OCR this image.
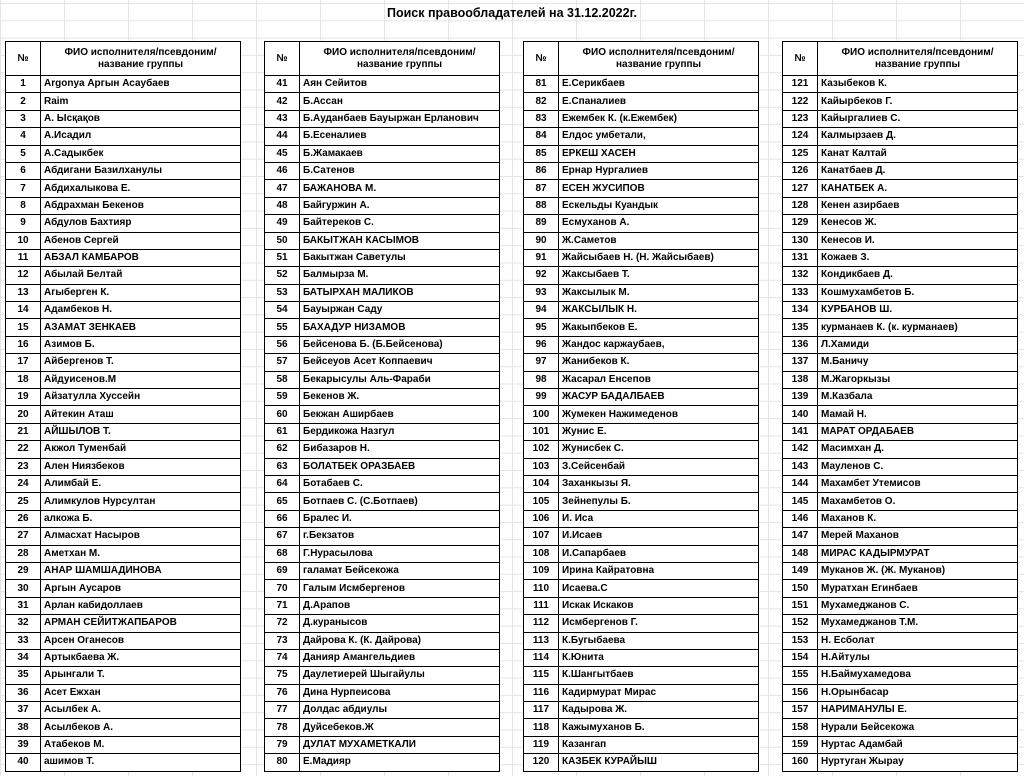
Поиск правообладателей на 31.12.2022г.
№	ФИО исполнителя/псевдоним/название группы
1	Argonya Аргын Асаубаев
2	Raim
3	А. Ысқақов
4	А.Исадил
5	А.Садыкбек
6	Абдигани Базилханулы
7	Абдихалыкова Е.
8	Абдрахман Бекенов
9	Абдулов Бахтияр
10	Абенов Сергей
11	АБЗАЛ КАМБАРОВ
12	Абылай Белтай
13	Агыберген К.
14	Адамбеков Н.
15	АЗАМАТ ЗЕНКАЕВ
16	Азимов Б.
17	Айбергенов Т.
18	Айдуисенов.М
19	Айзатулла Хуссейн
20	Айтекин Аташ
21	АЙШЫЛОВ Т.
22	Акжол Туменбай
23	Ален Ниязбеков
24	Алимбай Е.
25	Алимкулов Нурсултан
26	алкожа Б.
27	Алмасхат Насыров
28	Аметхан М.
29	АНАР ШАМШАДИНОВА
30	Аргын Аусаров
31	Арлан кабидоллаев
32	АРМАН СЕЙИТЖАПБАРОВ
33	Арсен Оганесов
34	Артыкбаева Ж.
35	Арынгали Т.
36	Асет Ежхан
37	Асылбек А.
38	Асылбеков А.
39	Атабеков М.
40	ашимов Т.
№	ФИО исполнителя/псевдоним/название группы
41	Аян Сейитов
42	Б.Ассан
43	Б.Ауданбаев Бауыржан Ерланович
44	Б.Есеналиев
45	Б.Жамакаев
46	Б.Сатенов
47	БАЖАНОВА М.
48	Байгуржин А.
49	Байтереков С.
50	БАКЫТЖАН КАСЫМОВ
51	Бакытжан Саветулы
52	Балмырза М.
53	БАТЫРХАН МАЛИКОВ
54	Бауыржан Саду
55	БАХАДУР НИЗАМОВ
56	Бейсенова Б. (Б.Бейсенова)
57	Бейсеуов Асет Коппаевич
58	Бекарысулы Аль-Фараби
59	Бекенов Ж.
60	Бекжан Аширбаев
61	Бердикожа Назгул
62	Бибазаров Н.
63	БОЛАТБЕК ОРАЗБАЕВ
64	Ботабаев С.
65	Ботпаев С. (С.Ботпаев)
66	Бралес И.
67	г.Бекзатов
68	Г.Нурасылова
69	галамат Бейсекожа
70	Галым Исмбергенов
71	Д.Арапов
72	Д.куранысов
73	Дайрова К. (К. Дайрова)
74	Данияр Амангельдиев
75	Даулетиерей Шыгайулы
76	Дина Нурпеисова
77	Долдас абдиулы
78	Дуйсебеков.Ж
79	ДУЛАТ МУХАМЕТКАЛИ
80	Е.Мадияр
№	ФИО исполнителя/псевдоним/название группы
81	Е.Серикбаев
82	Е.Спаналиев
83	Ежембек К. (к.Ежембек)
84	Елдос умбетали,
85	ЕРКЕШ ХАСЕН
86	Ернар Нургалиев
87	ЕСЕН ЖУСИПОВ
88	Ескельды Куандык
89	Есмуханов А.
90	Ж.Саметов
91	Жайсыбаев Н. (Н. Жайсыбаев)
92	Жаксыбаев Т.
93	Жаксылык М.
94	ЖАКСЫЛЫК Н.
95	Жакыпбеков Е.
96	Жандос каржаубаев,
97	Жанибеков К.
98	Жасарал Енсепов
99	ЖАСУР БАДАЛБАЕВ
100	Жумекен Нажимеденов
101	Жунис Е.
102	Жунисбек С.
103	З.Сейсенбай
104	Заханкызы Я.
105	Зейнепулы Б.
106	И. Иса
107	И.Исаев
108	И.Сапарбаев
109	Ирина Кайратовна
110	Исаева.С
111	Искак Искаков
112	Исмбергенов Г.
113	К.Бугыбаева
114	К.Юнита
115	К.Шангытбаев
116	Кадирмурат Мирас
117	Кадырова Ж.
118	Кажымуханов Б.
119	Казангап
120	КАЗБЕК КУРАЙЫШ
№	ФИО исполнителя/псевдоним/название группы
121	Казыбеков К.
122	Кайырбеков Г.
123	Кайыргалиев С.
124	Калмырзаев Д.
125	Канат Калтай
126	Канатбаев Д.
127	КАНАТБЕК А.
128	Кенен азирбаев
129	Кенесов Ж.
130	Кенесов И.
131	Кожаев З.
132	Кондикбаев Д.
133	Кошмухамбетов Б.
134	КУРБАНОВ Ш.
135	курманаев К. (к. курманаев)
136	Л.Хамиди
137	М.Баничу
138	М.Жагоркызы
139	М.Казбала
140	Мамай Н.
141	МАРАТ ОРДАБАЕВ
142	Масимхан Д.
143	Мауленов С.
144	Махамбет Утемисов
145	Махамбетов О.
146	Маханов К.
147	Мерей Маханов
148	МИРАС КАДЫРМУРАТ
149	Муканов Ж. (Ж. Муканов)
150	Муратхан Егинбаев
151	Мухамеджанов С.
152	Мухамеджанов Т.М.
153	Н. Есболат
154	Н.Айтулы
155	Н.Баймухамедова
156	Н.Орынбасар
157	НАРИМАНУЛЫ Е.
158	Нурали Бейсекожа
159	Нуртас Адамбай
160	Нуртуган Жырау
